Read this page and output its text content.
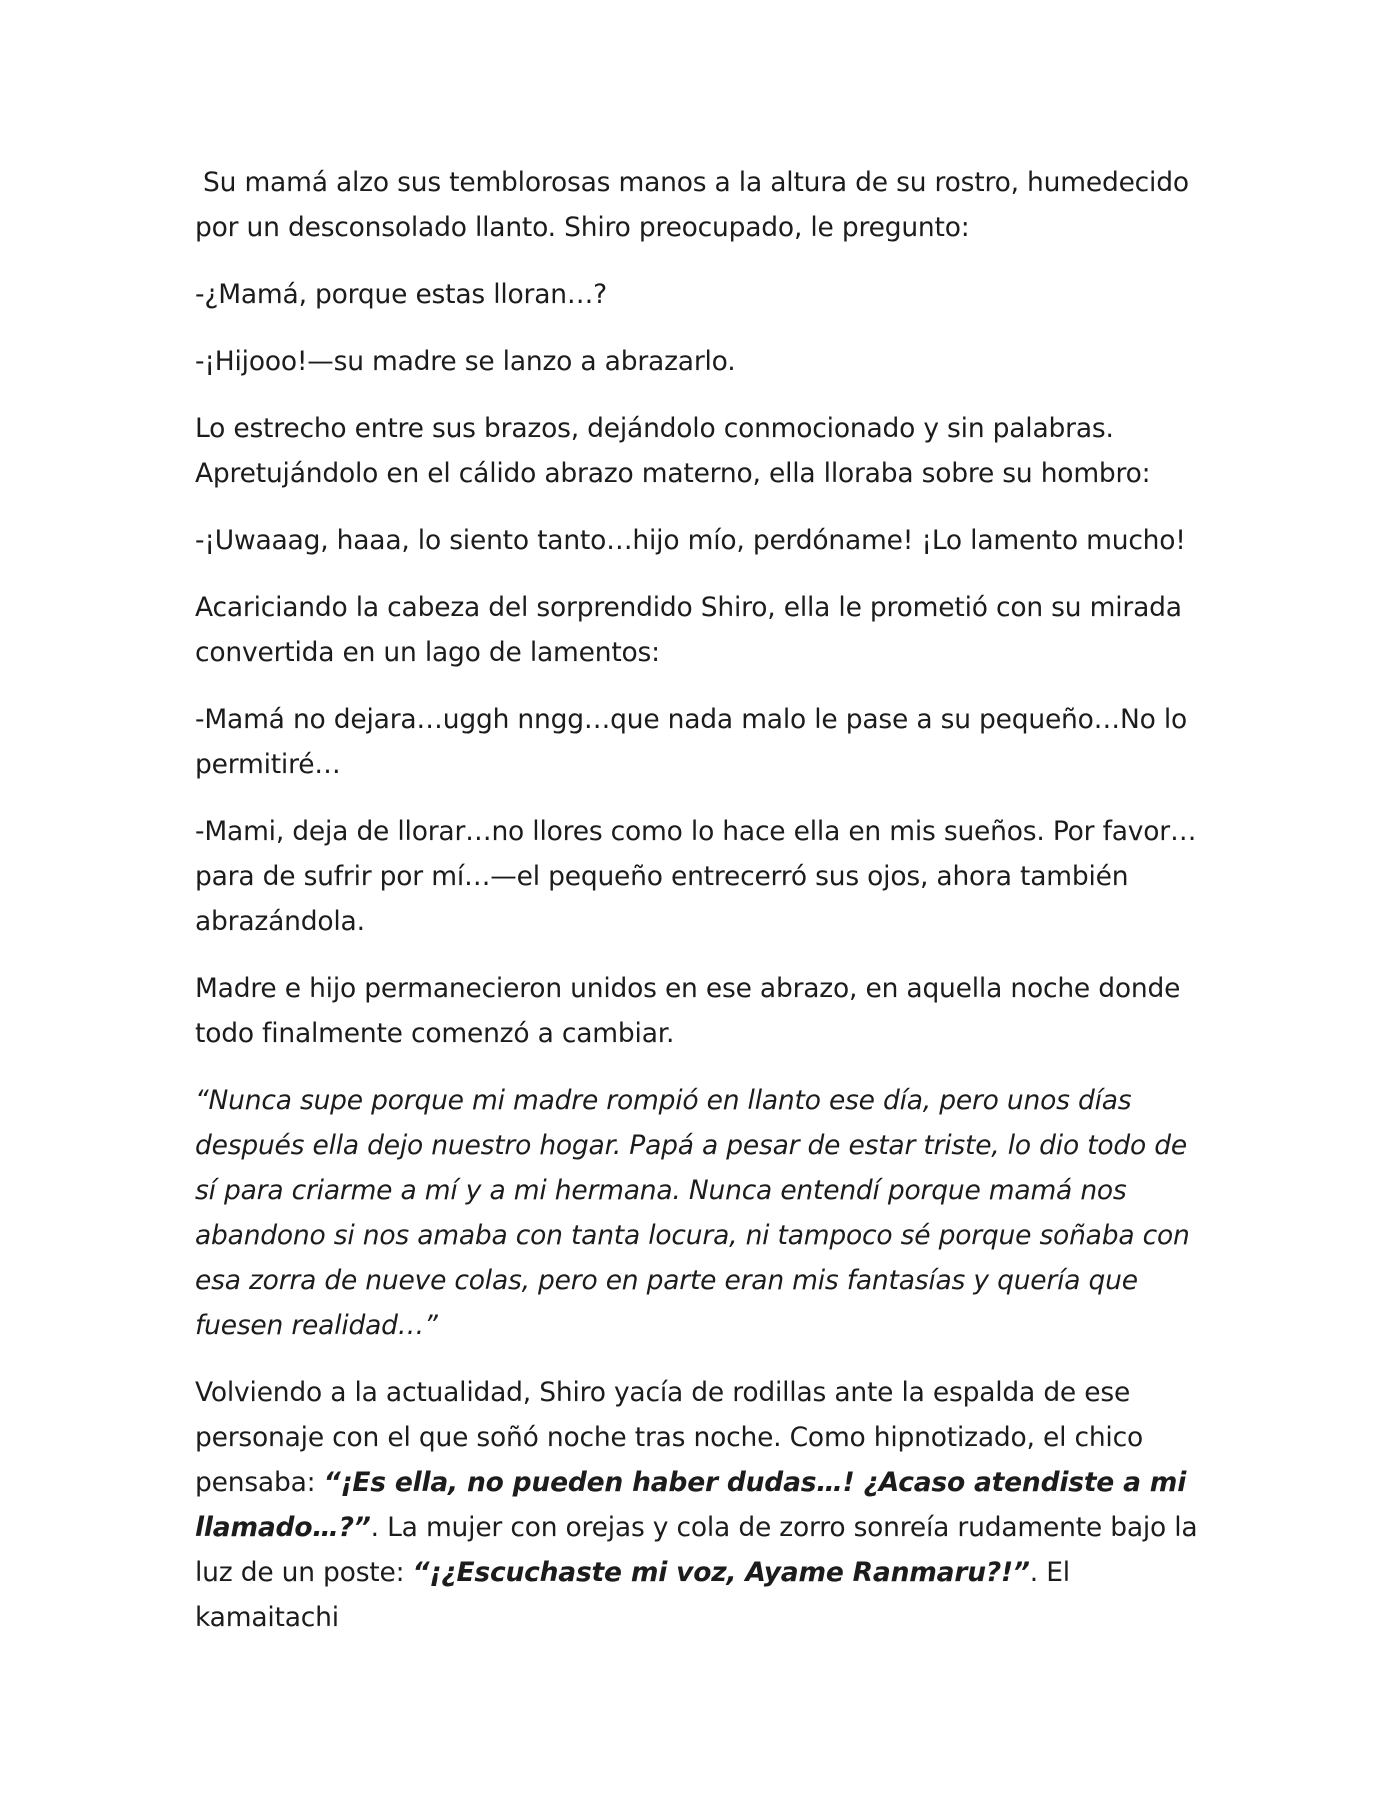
Su mamá alzo sus temblorosas manos a la altura de su rostro, humedecido por un desconsolado llanto. Shiro preocupado, le pregunto:

-¿Mamá, porque estas lloran…?

-¡Hijooo!—su madre se lanzo a abrazarlo.

Lo estrecho entre sus brazos, dejándolo conmocionado y sin palabras. Apretujándolo en el cálido abrazo materno, ella lloraba sobre su hombro:

-¡Uwaaag, haaa, lo siento tanto…hijo mío, perdóname! ¡Lo lamento mucho!

Acariciando la cabeza del sorprendido Shiro, ella le prometió con su mirada convertida en un lago de lamentos:

-Mamá no dejara…uggh nngg…que nada malo le pase a su pequeño…No lo permitiré…

-Mami, deja de llorar…no llores como lo hace ella en mis sueños. Por favor…para de sufrir por mí…—el pequeño entrecerró sus ojos, ahora también abrazándola.

Madre e hijo permanecieron unidos en ese abrazo, en aquella noche donde todo finalmente comenzó a cambiar.

“Nunca supe porque mi madre rompió en llanto ese día, pero unos días después ella dejo nuestro hogar. Papá a pesar de estar triste, lo dio todo de sí para criarme a mí y a mi hermana. Nunca entendí porque mamá nos abandono si nos amaba con tanta locura, ni tampoco sé porque soñaba con esa zorra de nueve colas, pero en parte eran mis fantasías y quería que fuesen realidad…”

Volviendo a la actualidad, Shiro yacía de rodillas ante la espalda de ese personaje con el que soñó noche tras noche. Como hipnotizado, el chico pensaba: “¡Es ella, no pueden haber dudas…! ¿Acaso atendiste a mi llamado…?”. La mujer con orejas y cola de zorro sonreía rudamente bajo la luz de un poste: “¡¿Escuchaste mi voz, Ayame Ranmaru?!”. El kamaitachi
